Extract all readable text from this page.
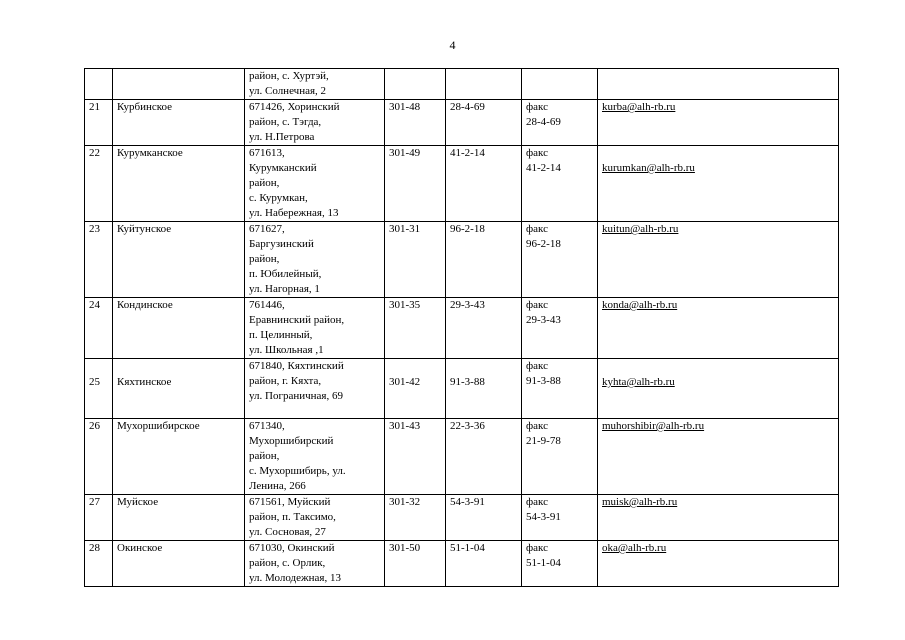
4

		район, с. Хуртэй,
ул. Солнечная, 2				

21	Курбинское	671426, Хоринский
район, с. Тэгда,
ул. Н.Петрова	301-48	28-4-69	факс
28-4-69	kurba@alh-rb.ru
22	Курумканское	671613,
Курумканский
район,
с. Курумкан,
ул. Набережная, 13	301-49	41-2-14	факс
41-2-14	kurumkan@alh-rb.ru
23	Куйтунское	671627,
Баргузинский
район,
п. Юбилейный,
ул. Нагорная, 1	301-31	96-2-18	факс
96-2-18	kuitun@alh-rb.ru
24	Кондинское	761446,
Еравнинский район,
п. Целинный,
ул. Школьная ,1	301-35	29-3-43	факс
29-3-43	konda@alh-rb.ru

25	Кяхтинское	671840, Кяхтинский
район, г. Кяхта,
ул. Пограничная, 69	301-42	91-3-88	факс
91-3-88	kyhta@alh-rb.ru

26	Мухоршибирское	671340,
Мухоршибирский
район,
с. Мухоршибирь, ул.
Ленина, 266	301-43	22-3-36	факс
21-9-78	muhorshibir@alh-rb.ru
27	Муйское	671561, Муйский
район, п. Таксимо,
ул. Сосновая, 27	301-32	54-3-91	факс
54-3-91	muisk@alh-rb.ru
28	Окинское	671030, Окинский
район, с. Орлик,
ул. Молодежная, 13	301-50	51-1-04	факс
51-1-04	oka@alh-rb.ru
